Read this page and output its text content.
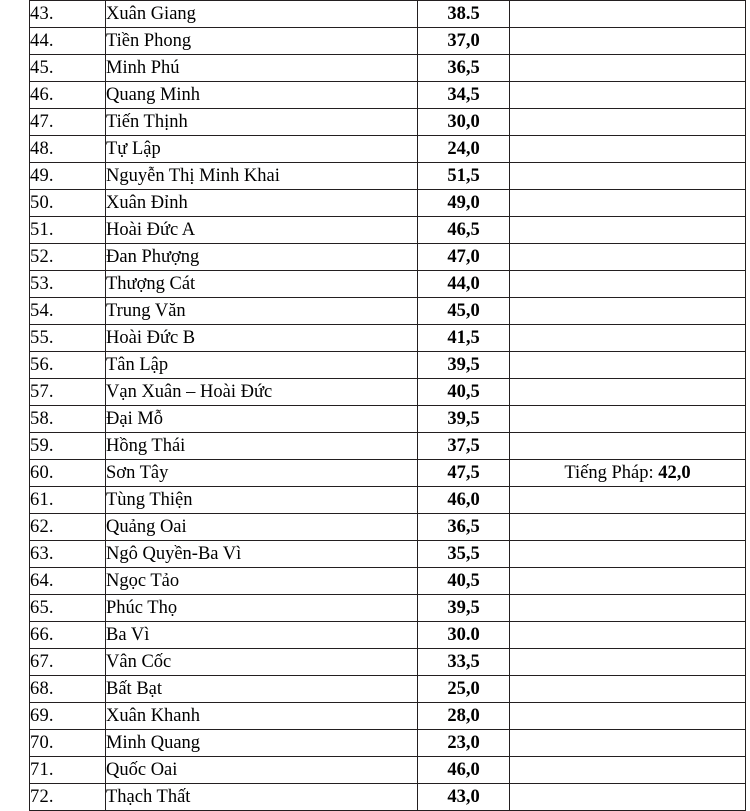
43.	Xuân Giang	38.5	
44.	Tiền Phong	37,0	
45.	Minh Phú	36,5	
46.	Quang Minh	34,5	
47.	Tiến Thịnh	30,0	
48.	Tự Lập	24,0	
49.	Nguyễn Thị Minh Khai	51,5	
50.	Xuân Đỉnh	49,0	
51.	Hoài Đức A	46,5	
52.	Đan Phượng	47,0	
53.	Thượng Cát	44,0	
54.	Trung Văn	45,0	
55.	Hoài Đức B	41,5	
56.	Tân Lập	39,5	
57.	Vạn Xuân – Hoài Đức	40,5	
58.	Đại Mỗ	39,5	
59.	Hồng Thái	37,5	
60.	Sơn Tây	47,5	Tiếng Pháp: 42,0
61.	Tùng Thiện	46,0	
62.	Quảng Oai	36,5	
63.	Ngô Quyền-Ba Vì	35,5	
64.	Ngọc Tảo	40,5	
65.	Phúc Thọ	39,5	
66.	Ba Vì	30.0	
67.	Vân Cốc	33,5	
68.	Bất Bạt	25,0	
69.	Xuân Khanh	28,0	
70.	Minh Quang	23,0	
71.	Quốc Oai	46,0	
72.	Thạch Thất	43,0	
